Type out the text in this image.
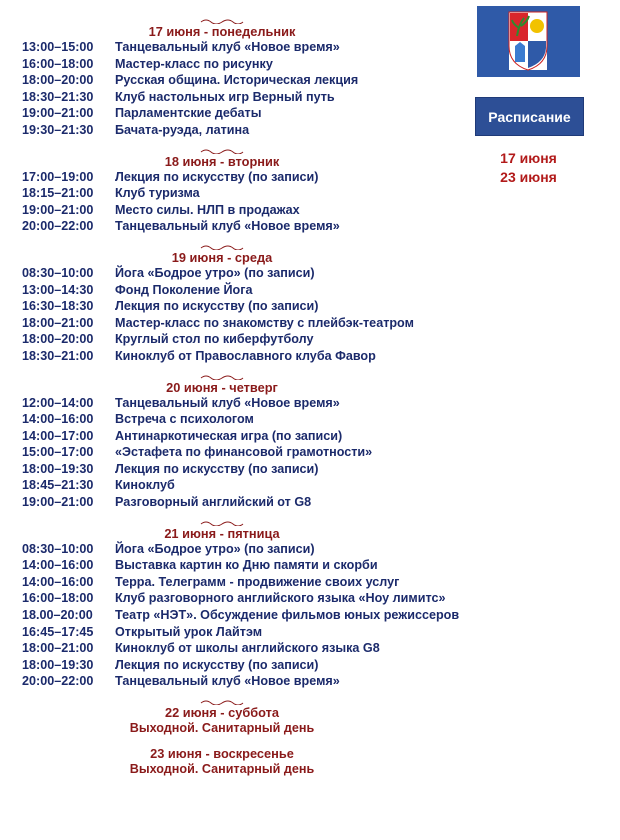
17 июня - понедельник
13:00–15:00	Танцевальный клуб «Новое время»
16:00–18:00	Мастер-класс по рисунку
18:00–20:00	Русская община. Историческая лекция
18:30–21:30	Клуб настольных игр Верный путь
19:00–21:00	Парламентские дебаты
19:30–21:30	Бачата-руэда, латина
18 июня - вторник
17:00–19:00	Лекция по искусству (по записи)
18:15–21:00	Клуб туризма
19:00–21:00	Место силы. НЛП в продажах
20:00–22:00	Танцевальный клуб «Новое время»
19 июня - среда
08:30–10:00	Йога «Бодрое утро» (по записи)
13:00–14:30	Фонд Поколение Йога
16:30–18:30	Лекция по искусству (по записи)
18:00–21:00	Мастер-класс по знакомству с плейбэк-театром
18:00–20:00	Круглый стол по киберфутболу
18:30–21:00	Киноклуб от Православного клуба Фавор
20 июня - четверг
12:00–14:00	Танцевальный клуб «Новое время»
14:00–16:00	Встреча с психологом
14:00–17:00	Антинаркотическая игра (по записи)
15:00–17:00	«Эстафета по финансовой грамотности»
18:00–19:30	Лекция по искусству (по записи)
18:45–21:30	Киноклуб
19:00–21:00	Разговорный английский от G8
21 июня - пятница
08:30–10:00	Йога «Бодрое утро» (по записи)
14:00–16:00	Выставка картин ко Дню памяти и скорби
14:00–16:00	Терра. Телеграмм - продвижение своих услуг
16:00–18:00	Клуб разговорного английского языка «Ноу лимитс»
18.00–20:00	Театр «НЭТ». Обсуждение фильмов юных режиссеров
16:45–17:45	Открытый урок Лайтэм
18:00–21:00	Киноклуб от школы английского языка G8
18:00–19:30	Лекция по искусству (по записи)
20:00–22:00	Танцевальный клуб «Новое время»
22 июня - суббота
Выходной. Санитарный день
23 июня - воскресенье
Выходной. Санитарный день
Расписание
17 июня
23 июня
